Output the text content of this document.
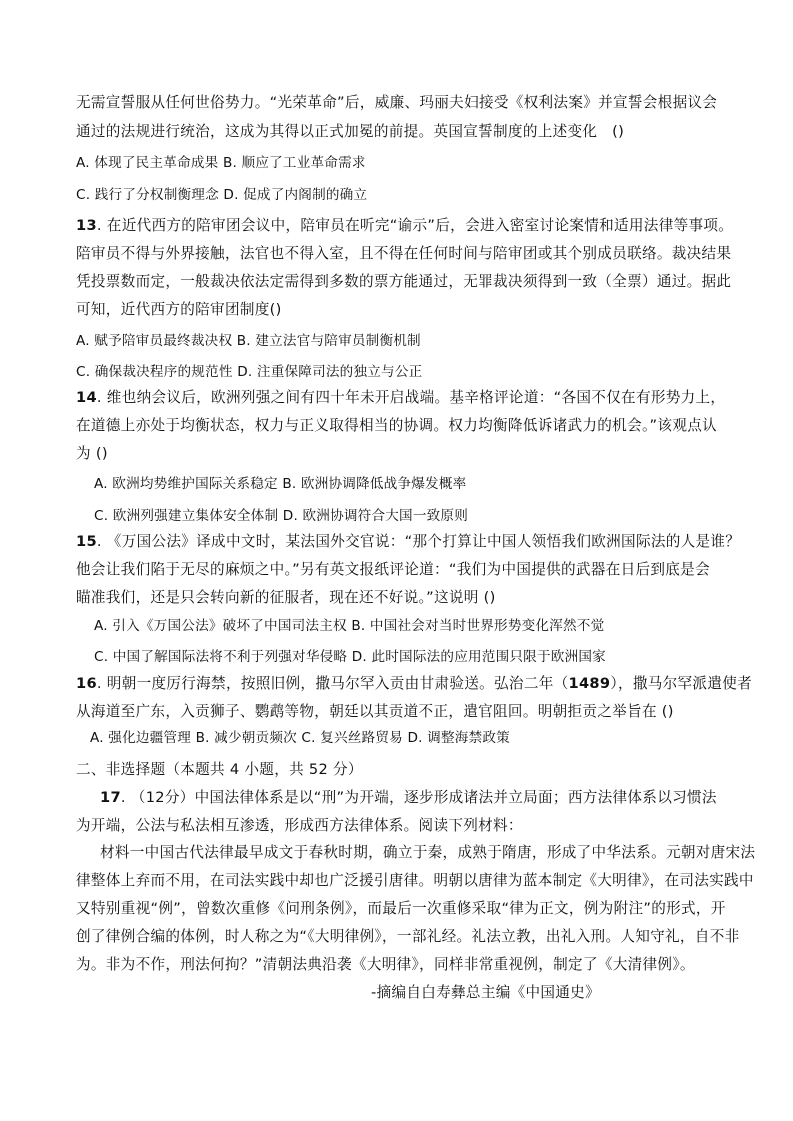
无需宣誓服从任何世俗势力。“光荣革命”后，威廉、玛丽夫妇接受《权利法案》并宣誓会根据议会
通过的法规进行统治，这成为其得以正式加冕的前提。英国宣誓制度的上述变化　()
A. 体现了民主革命成果 B. 顺应了工业革命需求
C. 践行了分权制衡理念 D. 促成了内阁制的确立
13. 在近代西方的陪审团会议中，陪审员在听完“谕示”后，会进入密室讨论案情和适用法律等事项。
陪审员不得与外界接触，法官也不得入室，且不得在任何时间与陪审团或其个别成员联络。裁决结果
凭投票数而定，一般裁决依法定需得到多数的票方能通过，无罪裁决须得到一致（全票）通过。据此
可知，近代西方的陪审团制度()
A. 赋予陪审员最终裁决权 B. 建立法官与陪审员制衡机制
C. 确保裁决程序的规范性 D. 注重保障司法的独立与公正
14. 维也纳会议后，欧洲列强之间有四十年未开启战端。基辛格评论道：“各国不仅在有形势力上，
在道德上亦处于均衡状态，权力与正义取得相当的协调。权力均衡降低诉诸武力的机会。”该观点认
为 ()
A. 欧洲均势维护国际关系稳定 B. 欧洲协调降低战争爆发概率
C. 欧洲列强建立集体安全体制 D. 欧洲协调符合大国一致原则
15. 《万国公法》译成中文时，某法国外交官说：“那个打算让中国人领悟我们欧洲国际法的人是谁？
他会让我们陷于无尽的麻烦之中。”另有英文报纸评论道：“我们为中国提供的武器在日后到底是会
瞄准我们，还是只会转向新的征服者，现在还不好说。”这说明 ()
A. 引入《万国公法》破坏了中国司法主权 B. 中国社会对当时世界形势变化浑然不觉
C. 中国了解国际法将不利于列强对华侵略 D. 此时国际法的应用范围只限于欧洲国家
16. 明朝一度厉行海禁，按照旧例，撒马尔罕入贡由甘肃验送。弘治二年（1489），撒马尔罕派遣使者
从海道至广东，入贡狮子、鹦鹉等物，朝廷以其贡道不正，遣官阻回。明朝拒贡之举旨在 ()
A. 强化边疆管理 B. 减少朝贡频次 C. 复兴丝路贸易 D. 调整海禁政策
二、非选择题（本题共 4 小题，共 52 分）
17. （12分）中国法律体系是以“刑”为开端，逐步形成诸法并立局面；西方法律体系以习惯法
为开端，公法与私法相互渗透，形成西方法律体系。阅读下列材料：
材料一中国古代法律最早成文于春秋时期，确立于秦，成熟于隋唐，形成了中华法系。元朝对唐宋法
律整体上弃而不用，在司法实践中却也广泛援引唐律。明朝以唐律为蓝本制定《大明律》，在司法实践中
又特别重视“例”，曾数次重修《问刑条例》，而最后一次重修采取“律为正文，例为附注”的形式，开
创了律例合编的体例，时人称之为“《大明律例》，一部礼经。礼法立教，出礼入刑。人知守礼，自不非
为。非为不作，刑法何拘？”清朝法典沿袭《大明律》，同样非常重视例，制定了《大清律例》。
-摘编自白寿彝总主编《中国通史》
